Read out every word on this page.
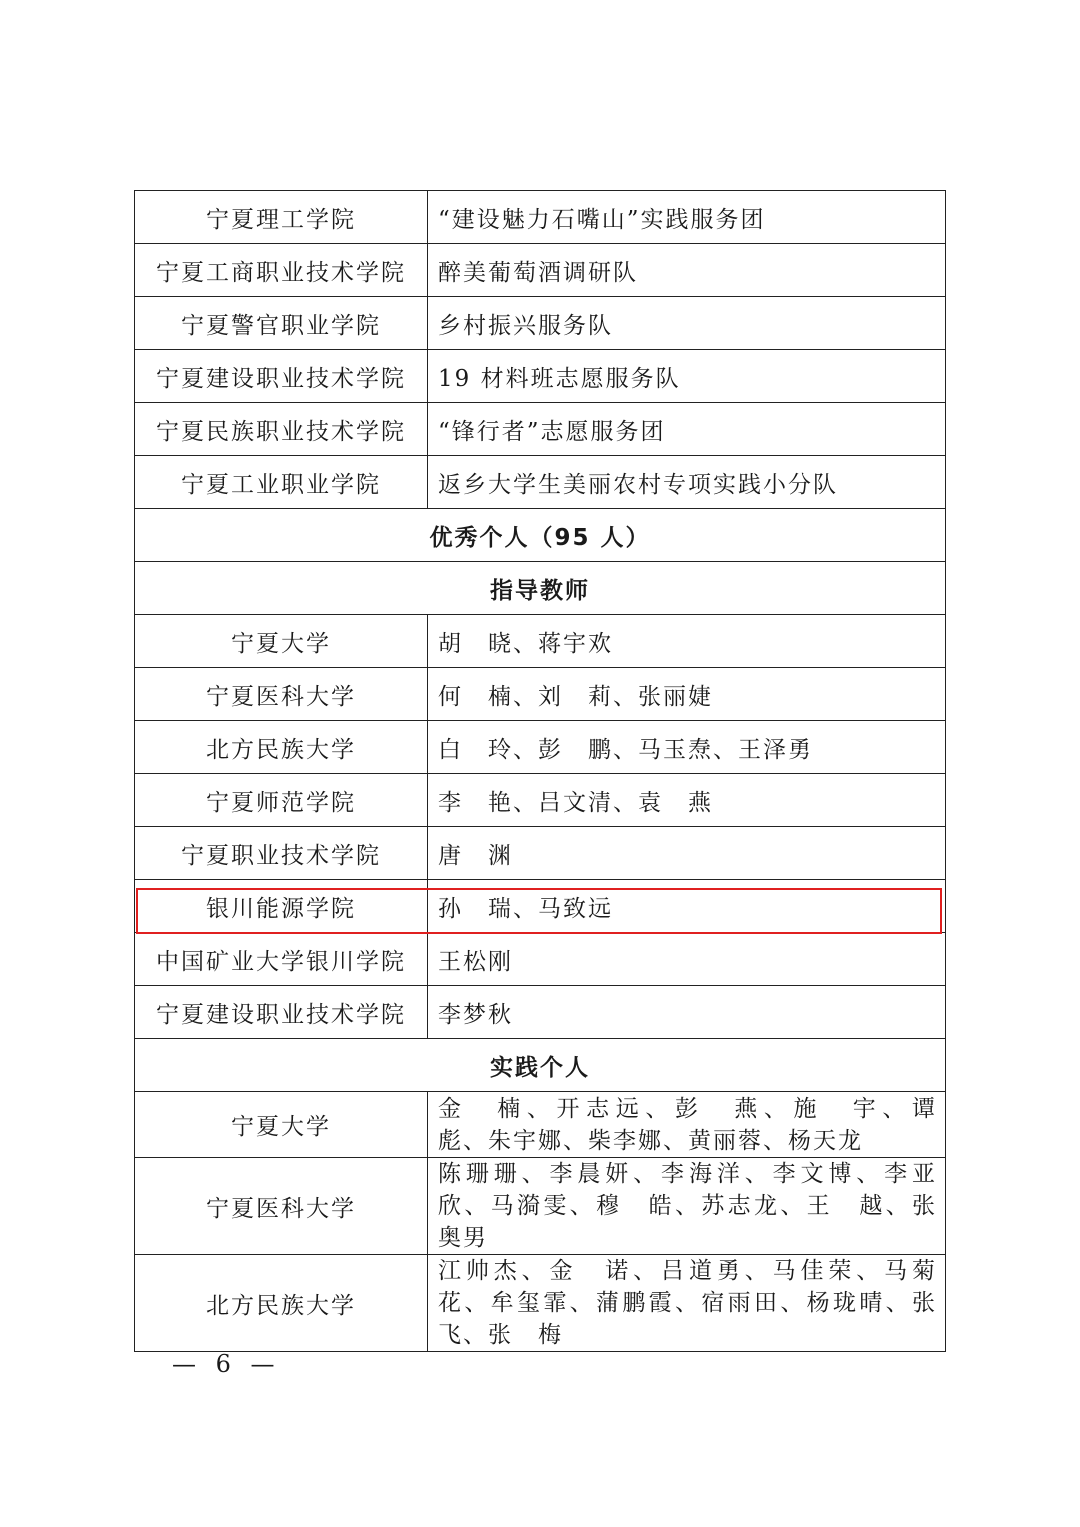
宁夏理工学院	“建设魅力石嘴山”实践服务团
宁夏工商职业技术学院	醉美葡萄酒调研队
宁夏警官职业学院	乡村振兴服务队
宁夏建设职业技术学院	19 材料班志愿服务队
宁夏民族职业技术学院	“锋行者”志愿服务团
宁夏工业职业学院	返乡大学生美丽农村专项实践小分队
优秀个人（95 人）	
指导教师	
宁夏大学	胡　晓、蒋宇欢
宁夏医科大学	何　楠、刘　莉、张丽婕
北方民族大学	白　玲、彭　鹏、马玉焘、王泽勇
宁夏师范学院	李　艳、吕文清、袁　燕
宁夏职业技术学院	唐　渊
银川能源学院	孙　瑞、马致远
中国矿业大学银川学院	王松刚
宁夏建设职业技术学院	李梦秋
实践个人	
宁夏大学	金　楠、开志远、彭　燕、施　宇、谭　彪、朱宇娜、柴李娜、黄丽蓉、杨天龙
宁夏医科大学	陈珊珊、李晨妍、李海洋、李文博、李亚欣、马漪雯、穆　皓、苏志龙、王　越、张奥男
北方民族大学	江帅杰、金　诺、吕道勇、马佳荣、马菊花、牟玺霏、蒲鹏霞、宿雨田、杨珑晴、张　飞、张　梅
— 6 —
